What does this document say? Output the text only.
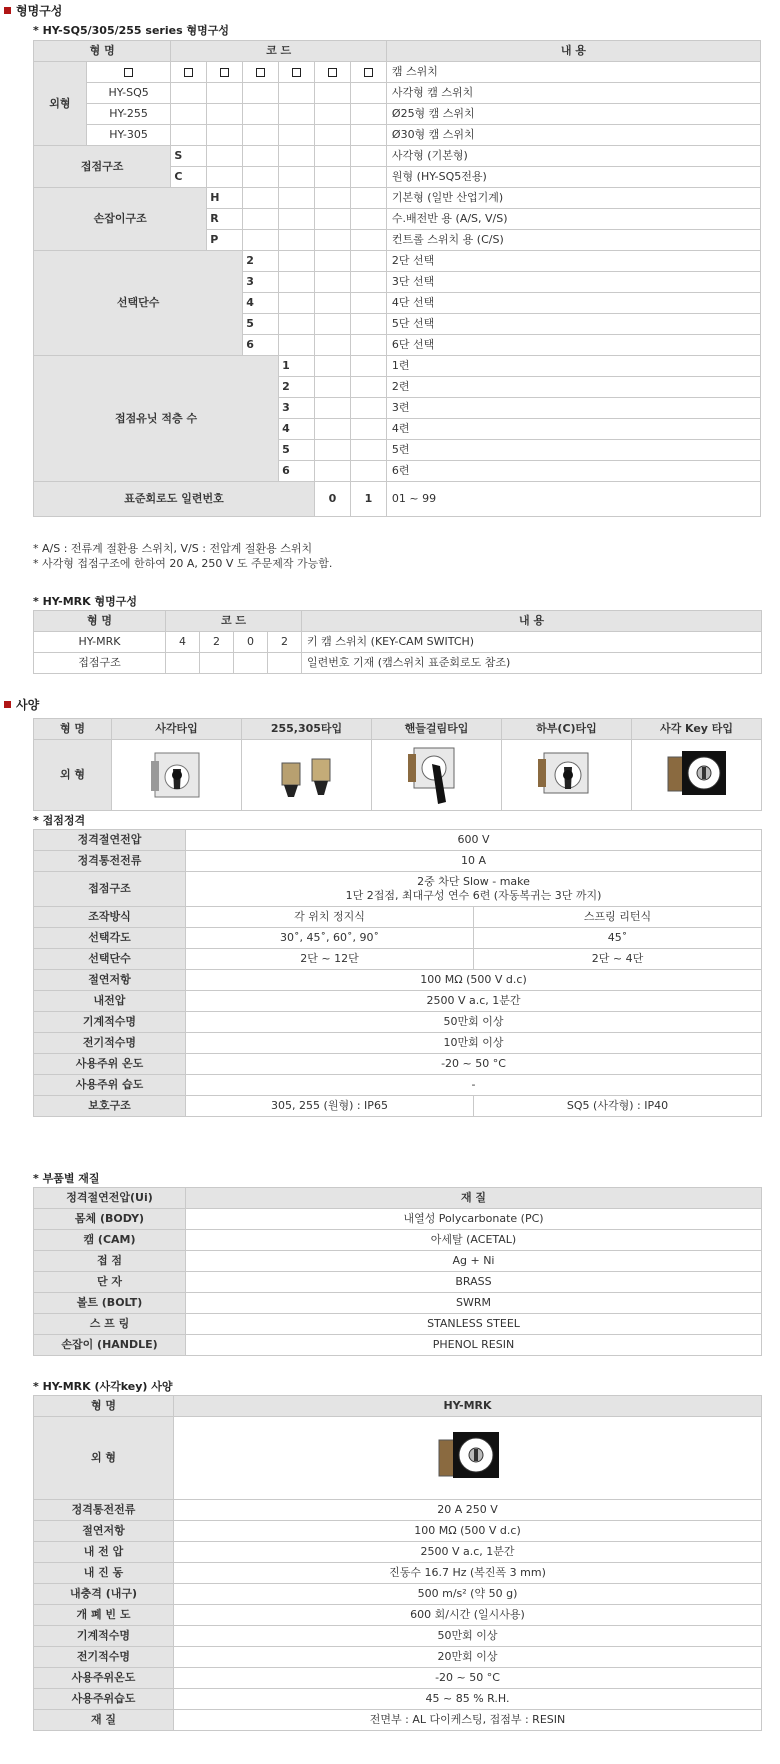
형명구성
* HY-SQ5/305/255 series 형명구성
형 명		코 드						내 용
외형								캠 스위치
	HY-SQ5							사각형 캠 스위치
	HY-255							Ø25형 캠 스위치
	HY-305							Ø30형 캠 스위치
접점구조		S						사각형 (기본형)
		C						원형 (HY-SQ5전용)
손잡이구조			H					기본형 (일반 산업기계)
			R					수.배전반 용 (A/S, V/S)
			P					컨트롤 스위치 용 (C/S)
선택단수				2				2단 선택
				3				3단 선택
				4				4단 선택
				5				5단 선택
				6				6단 선택
접점유닛 적층 수					1			1련
					2			2련
					3			3련
					4			4련
					5			5련
					6			6련
표준회로도 일련번호						0	1	01 ~ 99
* A/S : 전류계 절환용 스위치, V/S : 전압계 절환용 스위치
* 사각형 접점구조에 한하여 20 A, 250 V 도 주문제작 가능함.
* HY-MRK 형명구성
형 명	코 드				내 용
HY-MRK	4	2	0	2	키 캠 스위치 (KEY-CAM SWITCH)
접점구조					일련번호 기재 (캠스위치 표준회로도 참조)
사양
형 명	사각타입	255,305타입	핸들걸림타입	하부(C)타입	사각 Key 타입
외 형	

* 접점정격
정격절연전압	600 V	
정격통전전류	10 A	
접점구조	2중 차단 Slow - make
1단 2접점, 최대구성 연수 6련 (자동복귀는 3단 까지)	

조작방식	각 위치 정지식	스프링 리턴식
선택각도	30˚, 45˚, 60˚, 90˚	45˚
선택단수	2단 ~ 12단	2단 ~ 4단
절연저항	100 MΩ (500 V d.c)	
내전압	2500 V a.c, 1분간	
기계적수명	50만회 이상	
전기적수명	10만회 이상	
사용주위 온도	-20 ~ 50 °C	
사용주위 습도	-	
보호구조	305, 255 (원형) : IP65	SQ5 (사각형) : IP40
* 부품별 재질
정격절연전압(Ui)	재 질
몸체 (BODY)	내열성 Polycarbonate (PC)
캠 (CAM)	아세탈 (ACETAL)
접 점	Ag + Ni
단 자	BRASS
볼트 (BOLT)	SWRM
스 프 링	STANLESS STEEL
손잡이 (HANDLE)	PHENOL RESIN
* HY-MRK (사각key) 사양
형 명	HY-MRK
외 형	

정격통전전류	20 A 250 V
절연저항	100 MΩ (500 V d.c)
내 전 압	2500 V a.c, 1분간
내 진 동	진동수 16.7 Hz (복진폭 3 mm)
내충격 (내구)	500 m/s² (약 50 g)
개 폐 빈 도	600 회/시간 (일시사용)
기계적수명	50만회 이상
전기적수명	20만회 이상
사용주위온도	-20 ~ 50 °C
사용주위습도	45 ~ 85 % R.H.
재 질	전면부 : AL 다이케스팅, 접점부 : RESIN
